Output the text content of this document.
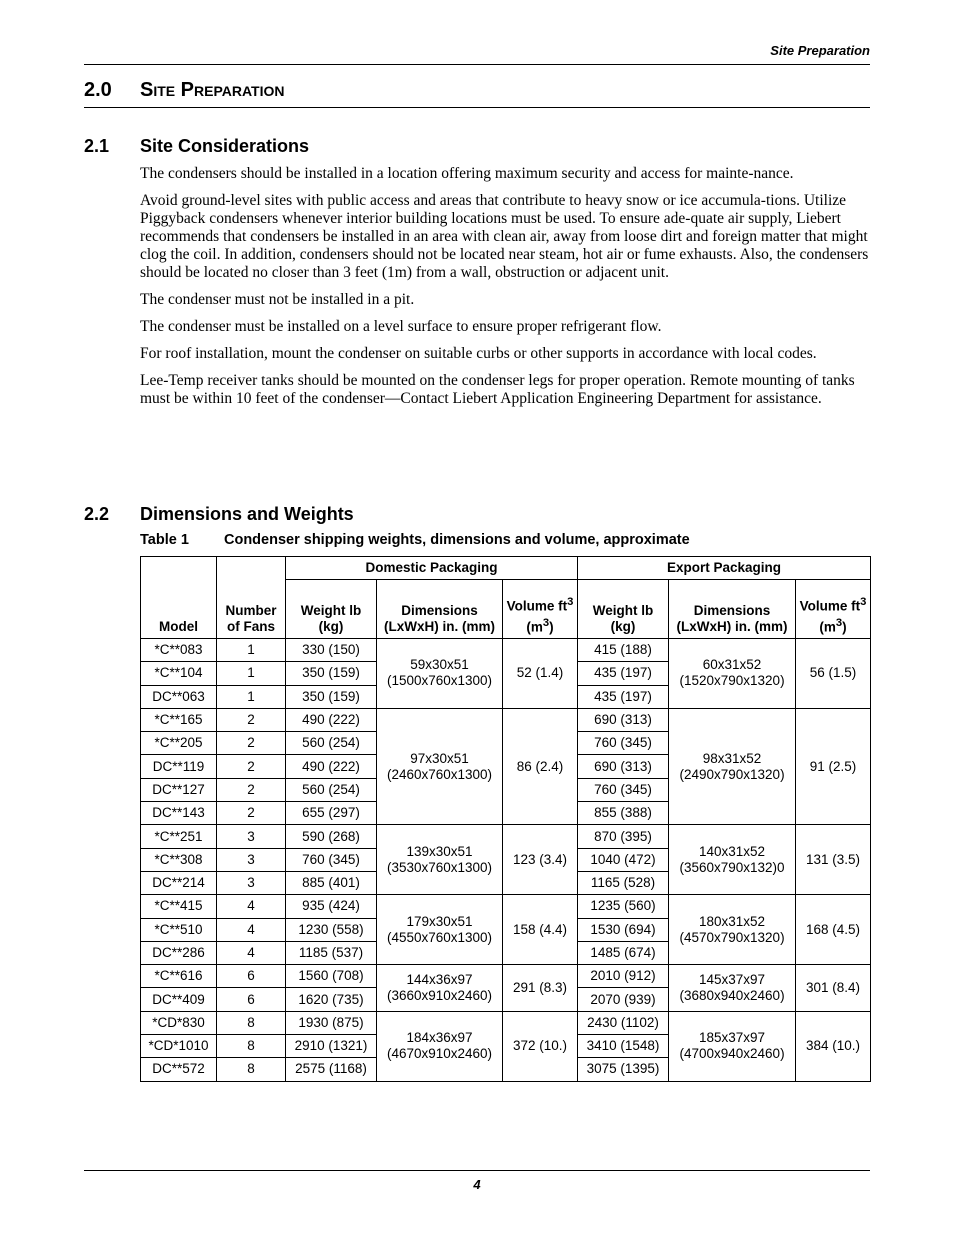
Site Preparation
2.0	Site Preparation
2.1	Site Considerations

The condensers should be installed in a location offering maximum security and access for mainte-nance.

Avoid ground-level sites with public access and areas that contribute to heavy snow or ice accumula-tions. Utilize Piggyback condensers whenever interior building locations must be used. To ensure ade-quate air supply, Liebert recommends that condensers be installed in an area with clean air, away from loose dirt and foreign matter that might clog the coil. In addition, condensers should not be located near steam, hot air or fume exhausts. Also, the condensers should be located no closer than 3 feet (1m) from a wall, obstruction or adjacent unit.

The condenser must not be installed in a pit.

The condenser must be installed on a level surface to ensure proper refrigerant flow.

For roof installation, mount the condenser on suitable curbs or other supports in accordance with local codes.

Lee-Temp receiver tanks should be mounted on the condenser legs for proper operation. Remote mounting of tanks must be within 10 feet of the condenser—Contact Liebert Application Engineering Department for assistance.

2.2	Dimensions and Weights
Table 1	Condenser shipping weights, dimensions and volume, approximate
Model	Number of Fans	Domestic Packaging			Export Packaging		
		Weight lb (kg)	Dimensions (LxWxH) in. (mm)	Volume $ft^3$ $(m^3)$	Weight lb (kg)	Dimensions (LxWxH) in. (mm)	Volume $ft^3$ $(m^3)$
*C**083	1	330 (150)	59x30x51 (1500x760x1300)	52 (1.4)	415 (188)	60x31x52 (1520x790x1320)	56 (1.5)
*C**104	1	350 (159)			435 (197)		
DC**063	1	350 (159)			435 (197)		
*C**165	2	490 (222)	97x30x51 (2460x760x1300)	86 (2.4)	690 (313)	98x31x52 (2490x790x1320)	91 (2.5)
*C**205	2	560 (254)			760 (345)		
DC**119	2	490 (222)			690 (313)		
DC**127	2	560 (254)			760 (345)		
DC**143	2	655 (297)			855 (388)		
*C**251	3	590 (268)	139x30x51 (3530x760x1300)	123 (3.4)	870 (395)	140x31x52 (3560x790x132)0	131 (3.5)
*C**308	3	760 (345)			1040 (472)		
DC**214	3	885 (401)			1165 (528)		
*C**415	4	935 (424)	179x30x51 (4550x760x1300)	158 (4.4)	1235 (560)	180x31x52 (4570x790x1320)	168 (4.5)
*C**510	4	1230 (558)			1530 (694)		
DC**286	4	1185 (537)			1485 (674)		
*C**616	6	1560 (708)	144x36x97 (3660x910x2460)	291 (8.3)	2010 (912)	145x37x97 (3680x940x2460)	301 (8.4)
DC**409	6	1620 (735)			2070 (939)		
*CD*830	8	1930 (875)	184x36x97 (4670x910x2460)	372 (10.)	2430 (1102)	185x37x97 (4700x940x2460)	384 (10.)
*CD*1010	8	2910 (1321)			3410 (1548)		
DC**572	8	2575 (1168)			3075 (1395)		
4
